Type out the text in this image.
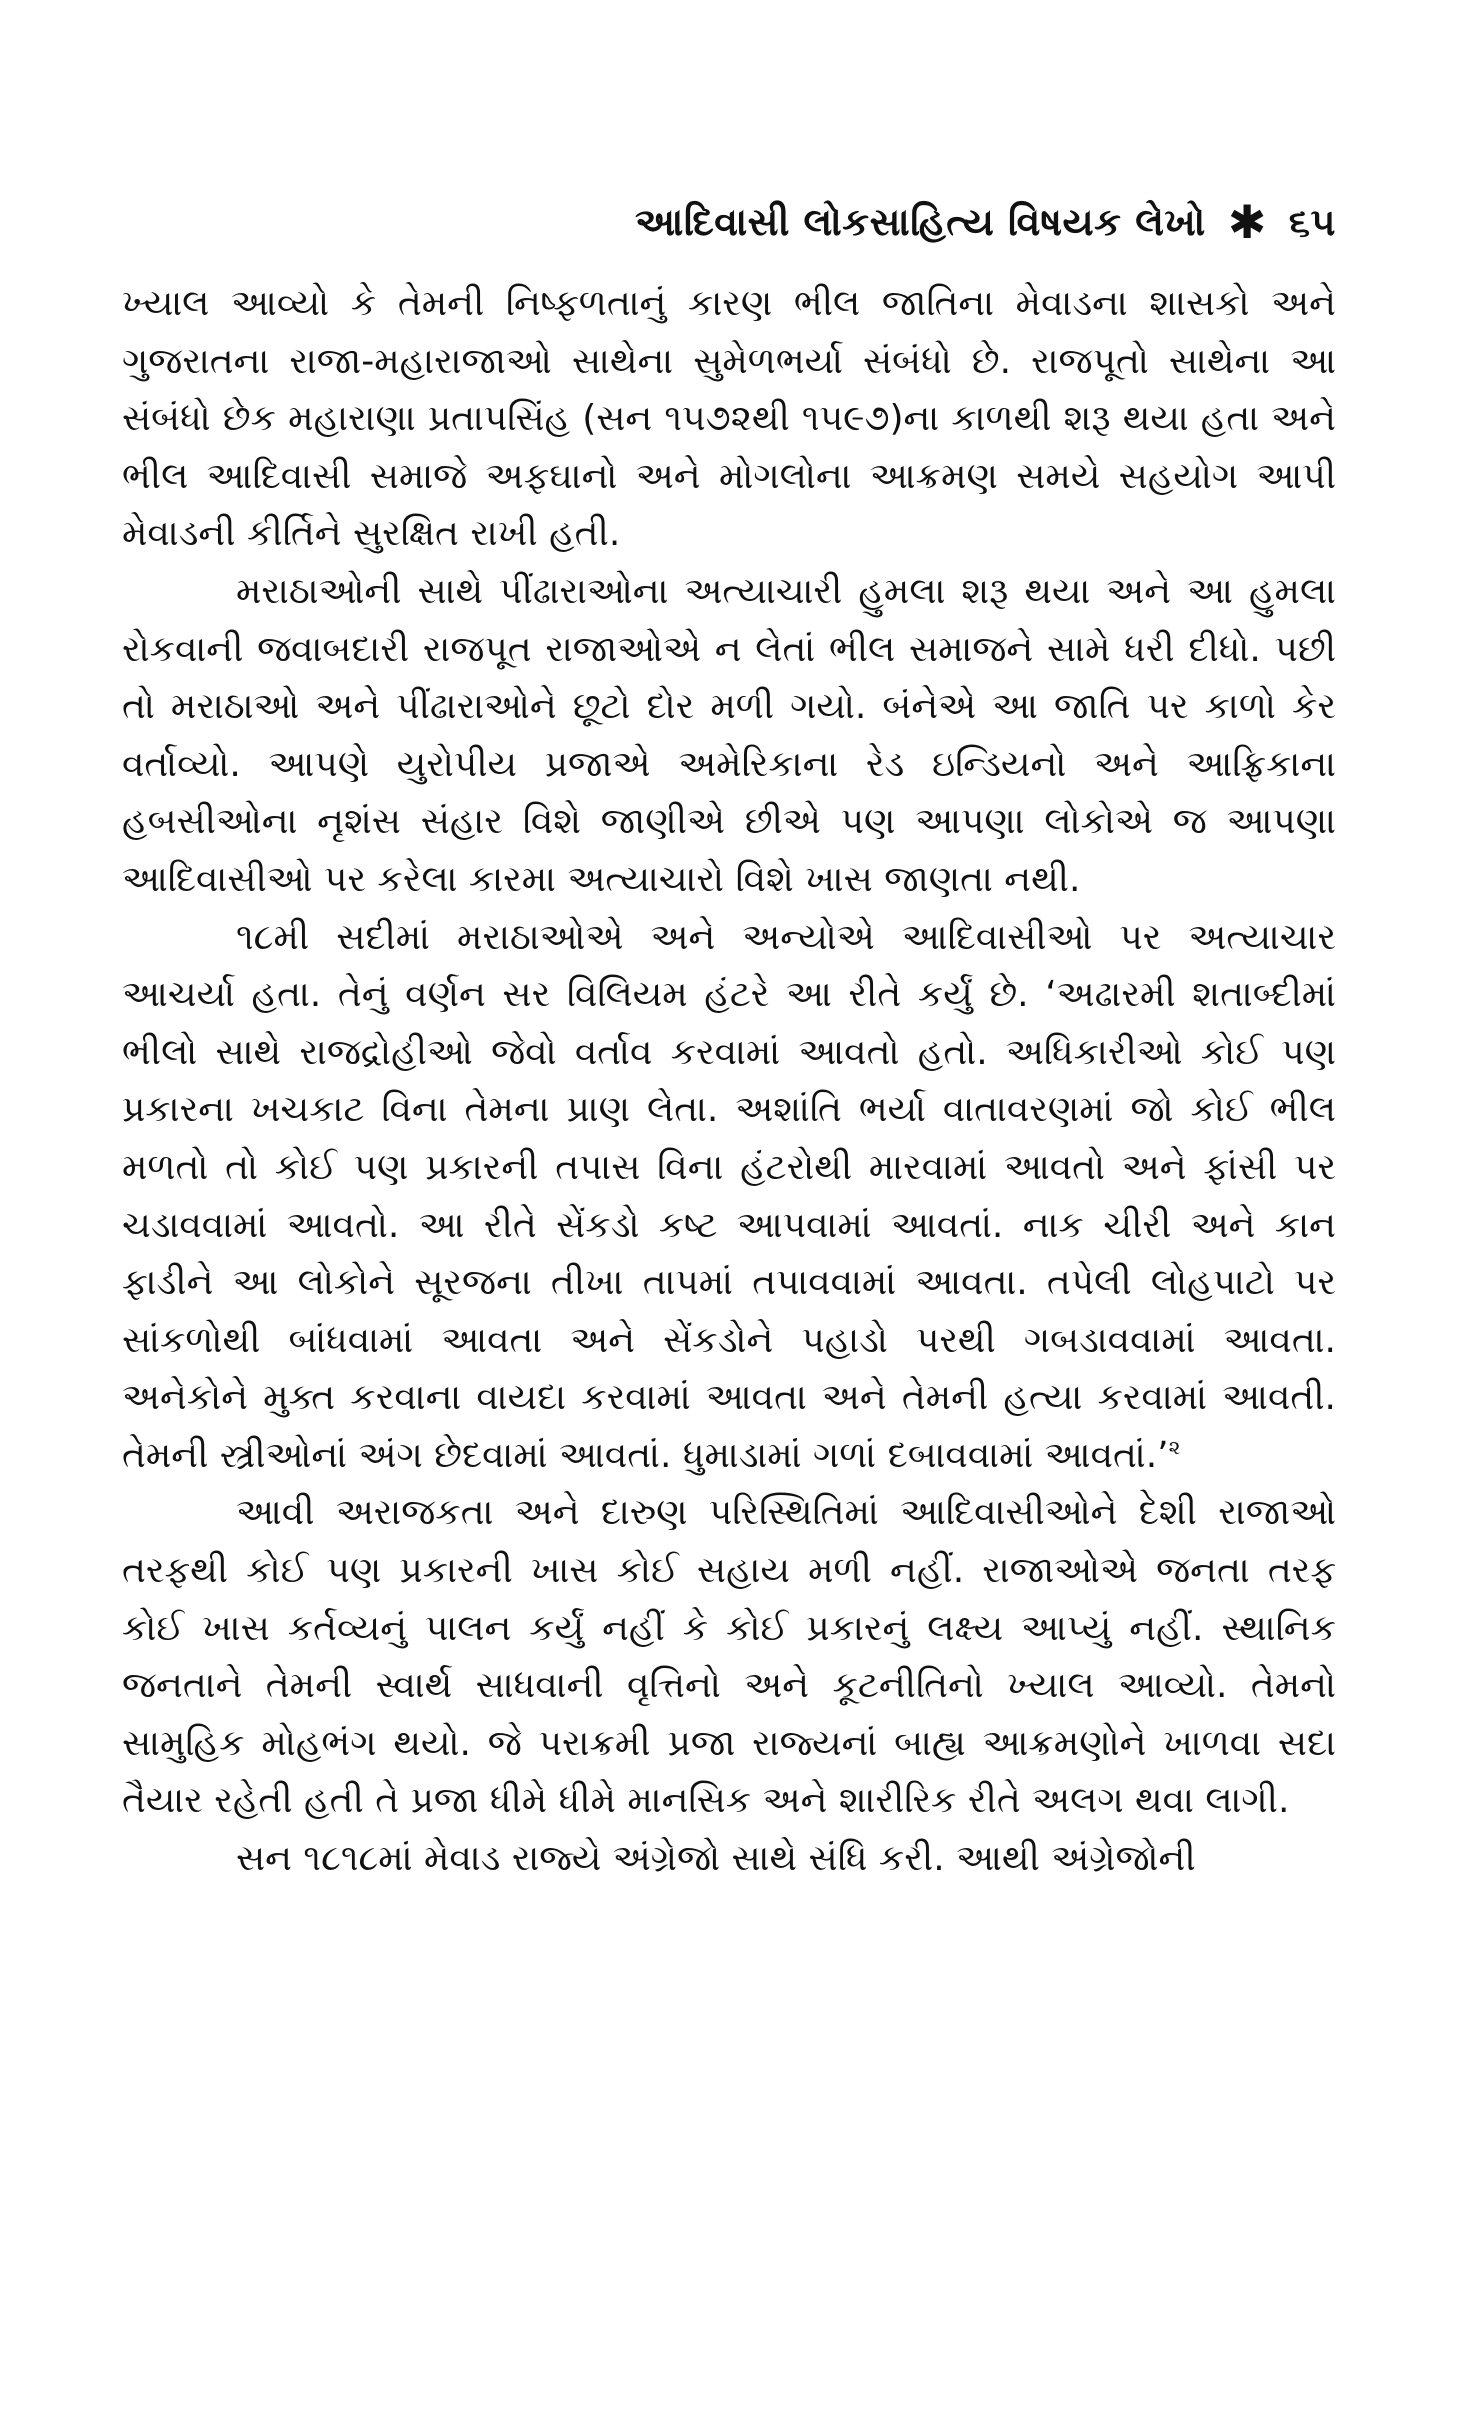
આદિવાસી લોકસાહિત્ય વિષયક લેખો ✱ ૬૫

ખ્યાલ આવ્યો કે તેમની નિષ્ફળતાનું કારણ ભીલ જાતિના મેવાડના શાસકો અને ગુજરાતના રાજા-મહારાજાઓ સાથેના સુમેળભર્યા સંબંધો છે. રાજપૂતો સાથેના આ સંબંધો છેક મહારાણા પ્રતાપસિંહ (સન ૧૫૭૨થી ૧૫૯૭)ના કાળથી શરૂ થયા હતા અને ભીલ આદિવાસી સમાજે અફઘાનો અને મોગલોના આક્રમણ સમયે સહયોગ આપી મેવાડની કીર્તિને સુરક્ષિત રાખી હતી.

મરાઠાઓની સાથે પીંઢારાઓના અત્યાચારી હુમલા શરૂ થયા અને આ હુમલા રોકવાની જવાબદારી રાજપૂત રાજાઓએ ન લેતાં ભીલ સમાજને સામે ધરી દીધો. પછી તો મરાઠાઓ અને પીંઢારાઓને છૂટો દોર મળી ગયો. બંનેએ આ જાતિ પર કાળો કેર વર્તાવ્યો. આપણે યુરોપીય પ્રજાએ અમેરિકાના રેડ ઇન્ડિયનો અને આફ્રિકાના હબસીઓના નૃશંસ સંહાર વિશે જાણીએ છીએ પણ આપણા લોકોએ જ આપણા આદિવાસીઓ પર કરેલા કારમા અત્યાચારો વિશે ખાસ જાણતા નથી.

૧૮મી સદીમાં મરાઠાઓએ અને અન્યોએ આદિવાસીઓ પર અત્યાચાર આચર્યા હતા. તેનું વર્ણન સર વિલિયમ હંટરે આ રીતે કર્યું છે. ‘અઢારમી શતાબ્દીમાં ભીલો સાથે રાજદ્રોહીઓ જેવો વર્તાવ કરવામાં આવતો હતો. અધિકારીઓ કોઈ પણ પ્રકારના ખચકાટ વિના તેમના પ્રાણ લેતા. અશાંતિ ભર્યા વાતાવરણમાં જો કોઈ ભીલ મળતો તો કોઈ પણ પ્રકારની તપાસ વિના હંટરોથી મારવામાં આવતો અને ફાંસી પર ચડાવવામાં આવતો. આ રીતે સેંકડો કષ્ટ આપવામાં આવતાં. નાક ચીરી અને કાન ફાડીને આ લોકોને સૂરજના તીખા તાપમાં તપાવવામાં આવતા. તપેલી લોહપાટો પર સાંકળોથી બાંધવામાં આવતા અને સેંકડોને પહાડો પરથી ગબડાવવામાં આવતા. અનેકોને મુક્ત કરવાના વાયદા કરવામાં આવતા અને તેમની હત્યા કરવામાં આવતી. તેમની સ્ત્રીઓનાં અંગ છેદવામાં આવતાં. ધુમાડામાં ગળાં દબાવવામાં આવતાં.’$^૨$

આવી અરાજકતા અને દારુણ પરિસ્થિતિમાં આદિવાસીઓને દેશી રાજાઓ તરફથી કોઈ પણ પ્રકારની ખાસ કોઈ સહાય મળી નહીં. રાજાઓએ જનતા તરફ કોઈ ખાસ કર્તવ્યનું પાલન કર્યું નહીં કે કોઈ પ્રકારનું લક્ષ્ય આપ્યું નહીં. સ્થાનિક જનતાને તેમની સ્વાર્થ સાધવાની વૃત્તિનો અને કૂટનીતિનો ખ્યાલ આવ્યો. તેમનો સામુહિક મોહભંગ થયો. જે પરાક્રમી પ્રજા રાજ્યનાં બાહ્ય આક્રમણોને ખાળવા સદા તૈયાર રહેતી હતી તે પ્રજા ધીમે ધીમે માનસિક અને શારીરિક રીતે અલગ થવા લાગી.

સન ૧૮૧૮માં મેવાડ રાજ્યે અંગ્રેજો સાથે સંધિ કરી. આથી અંગ્રેજોની
